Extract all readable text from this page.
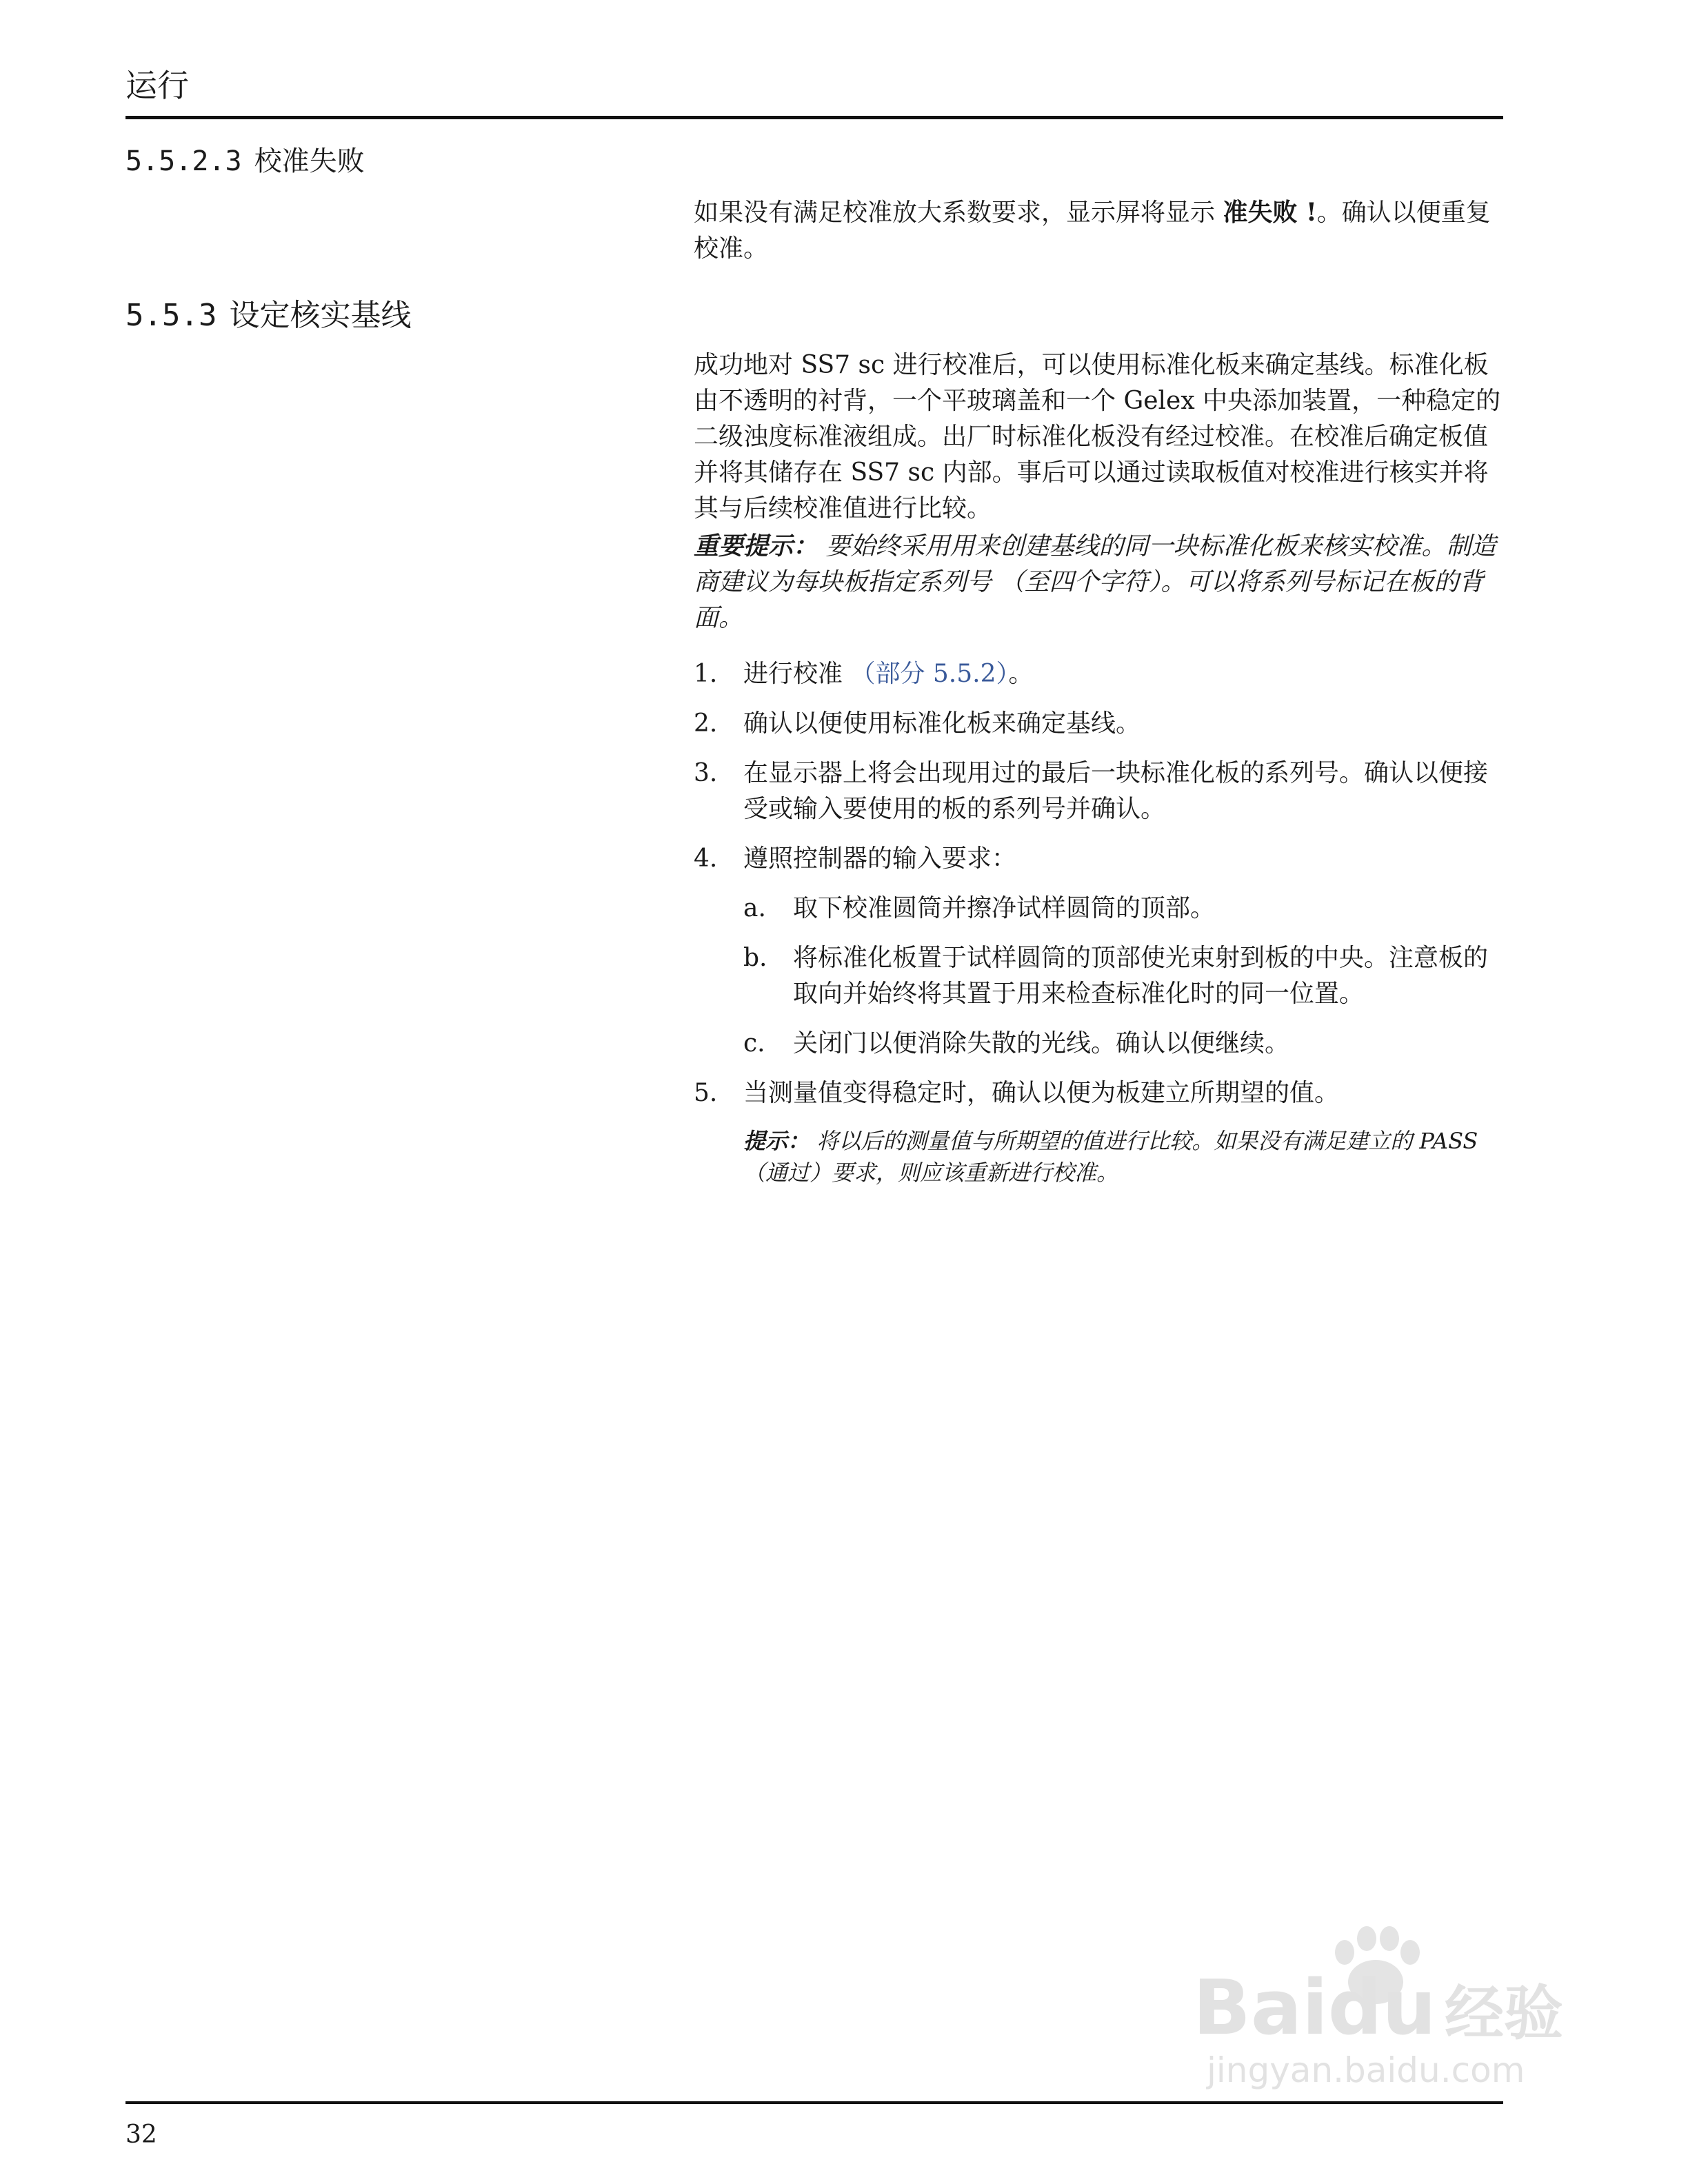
运行
5.5.2.3 校准失败
如果没有满足校准放大系数要求，显示屏将显示 准失败 !。确认以便重复校准。
5.5.3 设定核实基线
成功地对 SS7 sc 进行校准后，可以使用标准化板来确定基线。标准化板由不透明的衬背，一个平玻璃盖和一个 Gelex 中央添加装置，一种稳定的二级浊度标准液组成。出厂时标准化板没有经过校准。在校准后确定板值并将其储存在 SS7 sc 内部。事后可以通过读取板值对校准进行核实并将其与后续校准值进行比较。
重要提示： 要始终采用用来创建基线的同一块标准化板来核实校准。制造商建议为每块板指定系列号 （至四个字符）。可以将系列号标记在板的背面。
1. 进行校准 （部分 5.5.2）。
2. 确认以便使用标准化板来确定基线。
3. 在显示器上将会出现用过的最后一块标准化板的系列号。确认以便接受或输入要使用的板的系列号并确认。
4. 遵照控制器的输入要求：
a. 取下校准圆筒并擦净试样圆筒的顶部。
b. 将标准化板置于试样圆筒的顶部使光束射到板的中央。注意板的取向并始终将其置于用来检查标准化时的同一位置。
c. 关闭门以便消除失散的光线。确认以便继续。
5. 当测量值变得稳定时，确认以便为板建立所期望的值。
提示： 将以后的测量值与所期望的值进行比较。如果没有满足建立的 PASS （通过）要求，则应该重新进行校准。
Baidu 经验
jingyan.baidu.com
32
